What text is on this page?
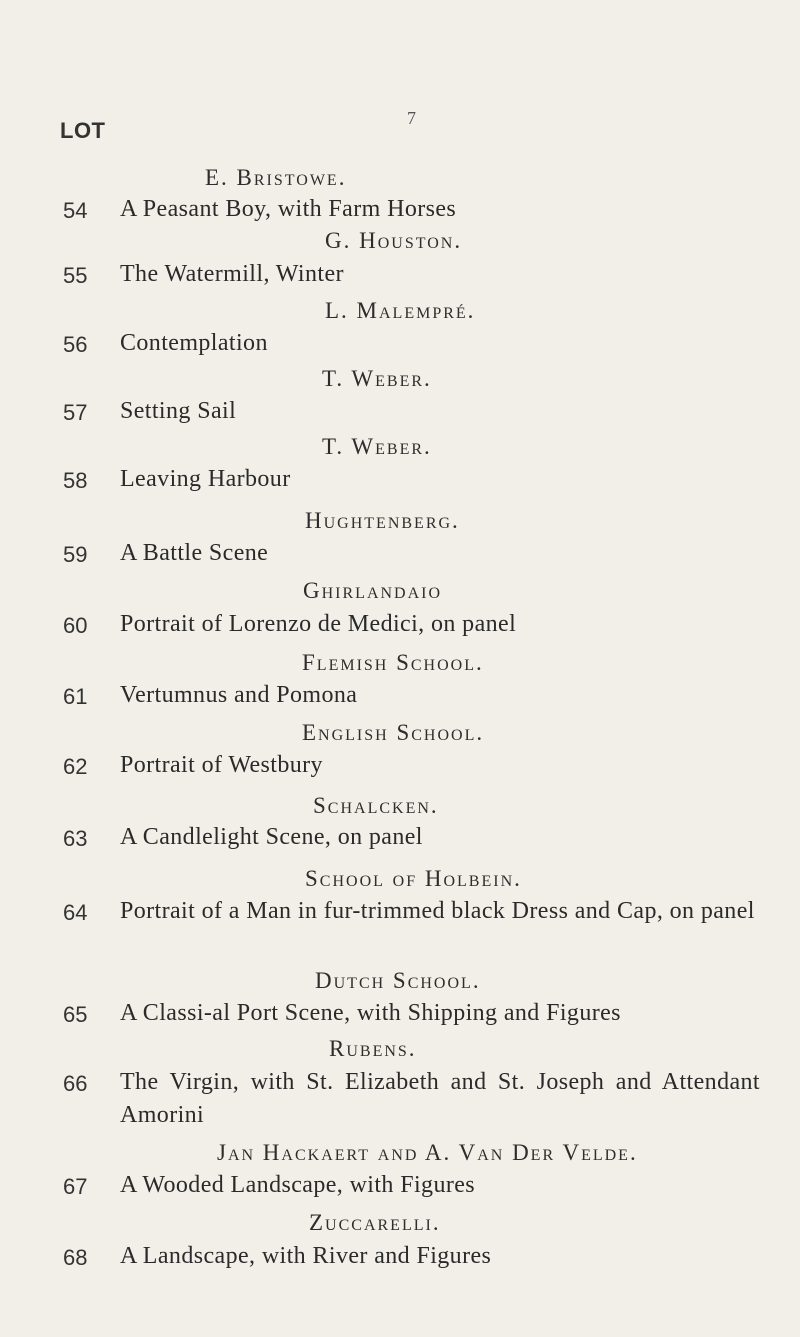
LOT	7
E. Bristowe.
54 A Peasant Boy, with Farm Horses
G. Houston.
55 The Watermill, Winter
L. Malempré.
56 Contemplation
T. Weber.
57 Setting Sail
T. Weber.
58 Leaving Harbour
Hughtenberg.
59 A Battle Scene
Ghirlandaio
60 Portrait of Lorenzo de Medici, on panel
Flemish School.
61 Vertumnus and Pomona
English School.
62 Portrait of Westbury
Schalcken.
63 A Candlelight Scene, on panel
School of Holbein.
64 Portrait of a Man in fur-trimmed black Dress and Cap, on panel
Dutch School.
65 A Classi-al Port Scene, with Shipping and Figures
Rubens.
66 The Virgin, with St. Elizabeth and St. Joseph and Attendant Amorini
Jan Hackaert and A. Van Der Velde.
67 A Wooded Landscape, with Figures
Zuccarelli.
68 A Landscape, with River and Figures
